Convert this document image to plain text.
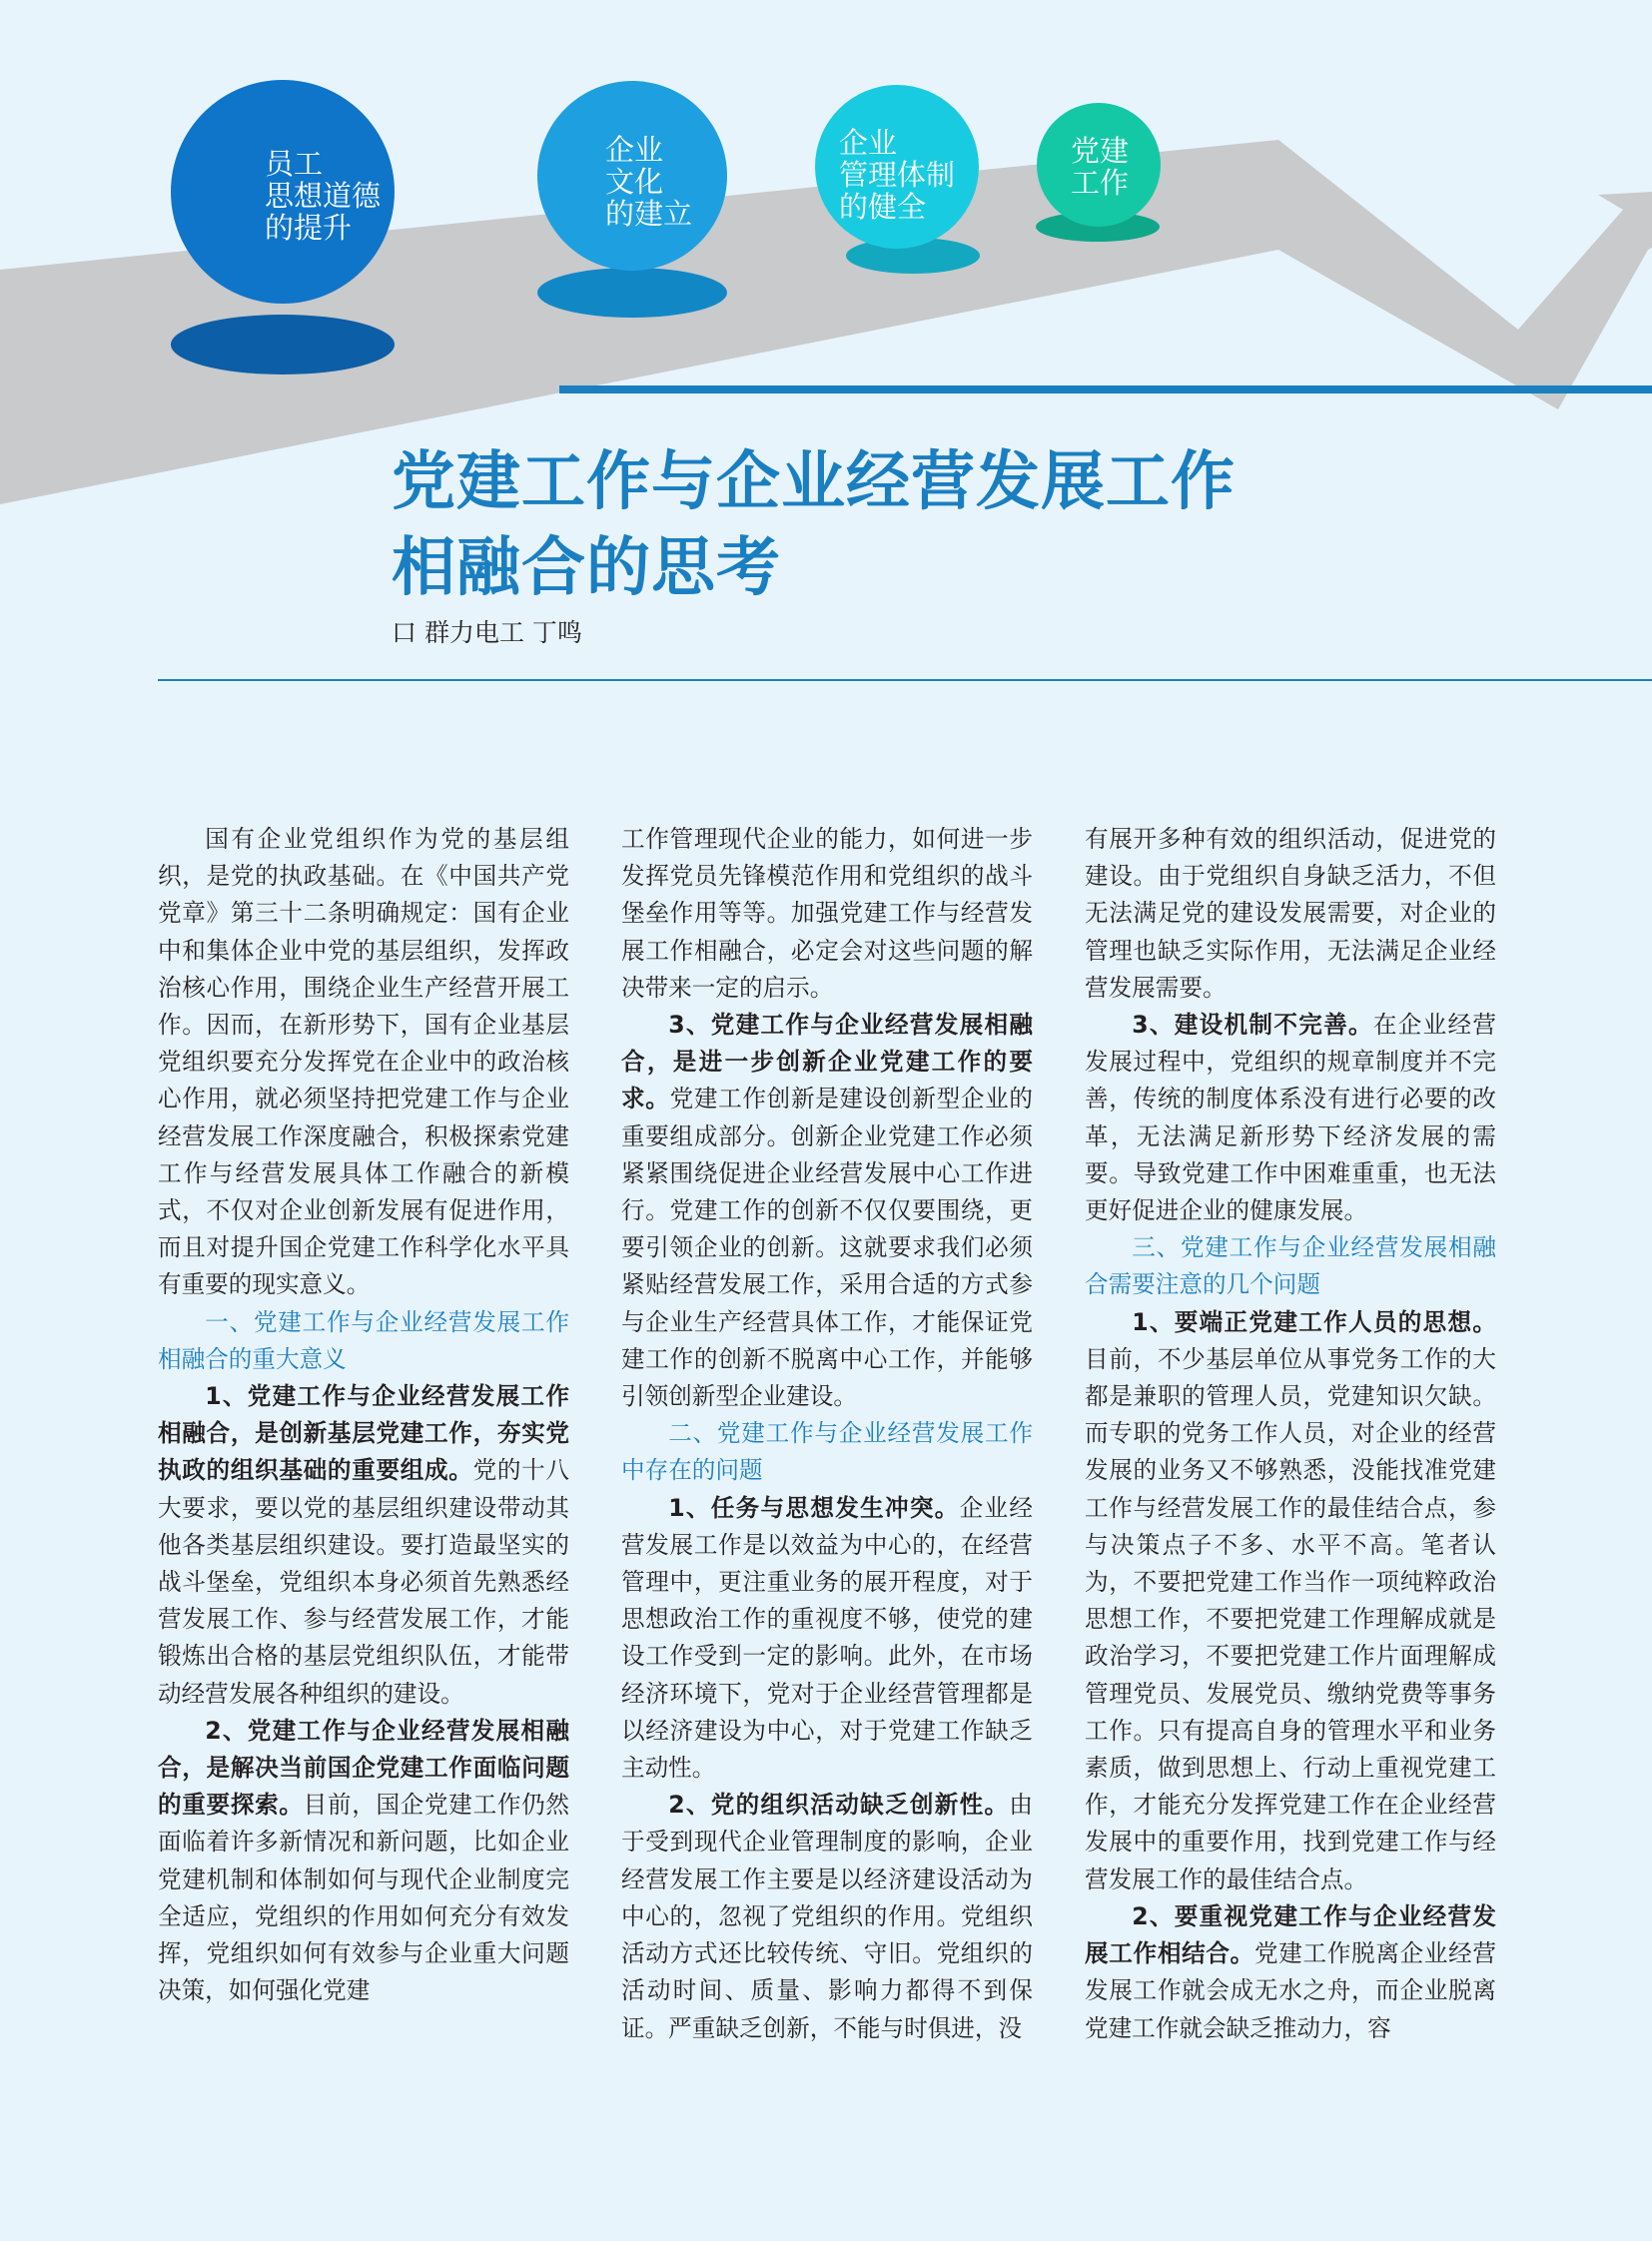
员工
思想道德
的提升

企业
文化
的建立

企业
管理体制
的健全

党建
工作

党建工作与企业经营发展工作
相融合的思考

口 群力电工 丁鸣

国有企业党组织作为党的基层组织，是党的执政基础。在《中国共产党党章》第三十二条明确规定：国有企业中和集体企业中党的基层组织，发挥政治核心作用，围绕企业生产经营开展工作。因而，在新形势下，国有企业基层党组织要充分发挥党在企业中的政治核心作用，就必须坚持把党建工作与企业经营发展工作深度融合，积极探索党建工作与经营发展具体工作融合的新模式，不仅对企业创新发展有促进作用，而且对提升国企党建工作科学化水平具有重要的现实意义。

一、党建工作与企业经营发展工作相融合的重大意义

1、党建工作与企业经营发展工作相融合，是创新基层党建工作，夯实党执政的组织基础的重要组成。党的十八大要求，要以党的基层组织建设带动其他各类基层组织建设。要打造最坚实的战斗堡垒，党组织本身必须首先熟悉经营发展工作、参与经营发展工作，才能锻炼出合格的基层党组织队伍，才能带动经营发展各种组织的建设。

2、党建工作与企业经营发展相融合，是解决当前国企党建工作面临问题的重要探索。目前，国企党建工作仍然面临着许多新情况和新问题，比如企业党建机制和体制如何与现代企业制度完全适应，党组织的作用如何充分有效发挥，党组织如何有效参与企业重大问题决策，如何强化党建

工作管理现代企业的能力，如何进一步发挥党员先锋模范作用和党组织的战斗堡垒作用等等。加强党建工作与经营发展工作相融合，必定会对这些问题的解决带来一定的启示。

3、党建工作与企业经营发展相融合，是进一步创新企业党建工作的要求。党建工作创新是建设创新型企业的重要组成部分。创新企业党建工作必须紧紧围绕促进企业经营发展中心工作进行。党建工作的创新不仅仅要围绕，更要引领企业的创新。这就要求我们必须紧贴经营发展工作，采用合适的方式参与企业生产经营具体工作，才能保证党建工作的创新不脱离中心工作，并能够引领创新型企业建设。

二、党建工作与企业经营发展工作中存在的问题

1、任务与思想发生冲突。企业经营发展工作是以效益为中心的，在经营管理中，更注重业务的展开程度，对于思想政治工作的重视度不够，使党的建设工作受到一定的影响。此外，在市场经济环境下，党对于企业经营管理都是以经济建设为中心，对于党建工作缺乏主动性。

2、党的组织活动缺乏创新性。由于受到现代企业管理制度的影响，企业经营发展工作主要是以经济建设活动为中心的，忽视了党组织的作用。党组织活动方式还比较传统、守旧。党组织的活动时间、质量、影响力都得不到保证。严重缺乏创新，不能与时俱进，没

有展开多种有效的组织活动，促进党的建设。由于党组织自身缺乏活力，不但无法满足党的建设发展需要，对企业的管理也缺乏实际作用，无法满足企业经营发展需要。

3、建设机制不完善。在企业经营发展过程中，党组织的规章制度并不完善，传统的制度体系没有进行必要的改革，无法满足新形势下经济发展的需要。导致党建工作中困难重重，也无法更好促进企业的健康发展。

三、党建工作与企业经营发展相融合需要注意的几个问题

1、要端正党建工作人员的思想。目前，不少基层单位从事党务工作的大都是兼职的管理人员，党建知识欠缺。而专职的党务工作人员，对企业的经营发展的业务又不够熟悉，没能找准党建工作与经营发展工作的最佳结合点，参与决策点子不多、水平不高。笔者认为，不要把党建工作当作一项纯粹政治思想工作，不要把党建工作理解成就是政治学习，不要把党建工作片面理解成管理党员、发展党员、缴纳党费等事务工作。只有提高自身的管理水平和业务素质，做到思想上、行动上重视党建工作，才能充分发挥党建工作在企业经营发展中的重要作用，找到党建工作与经营发展工作的最佳结合点。

2、要重视党建工作与企业经营发展工作相结合。党建工作脱离企业经营发展工作就会成无水之舟，而企业脱离党建工作就会缺乏推动力，容
